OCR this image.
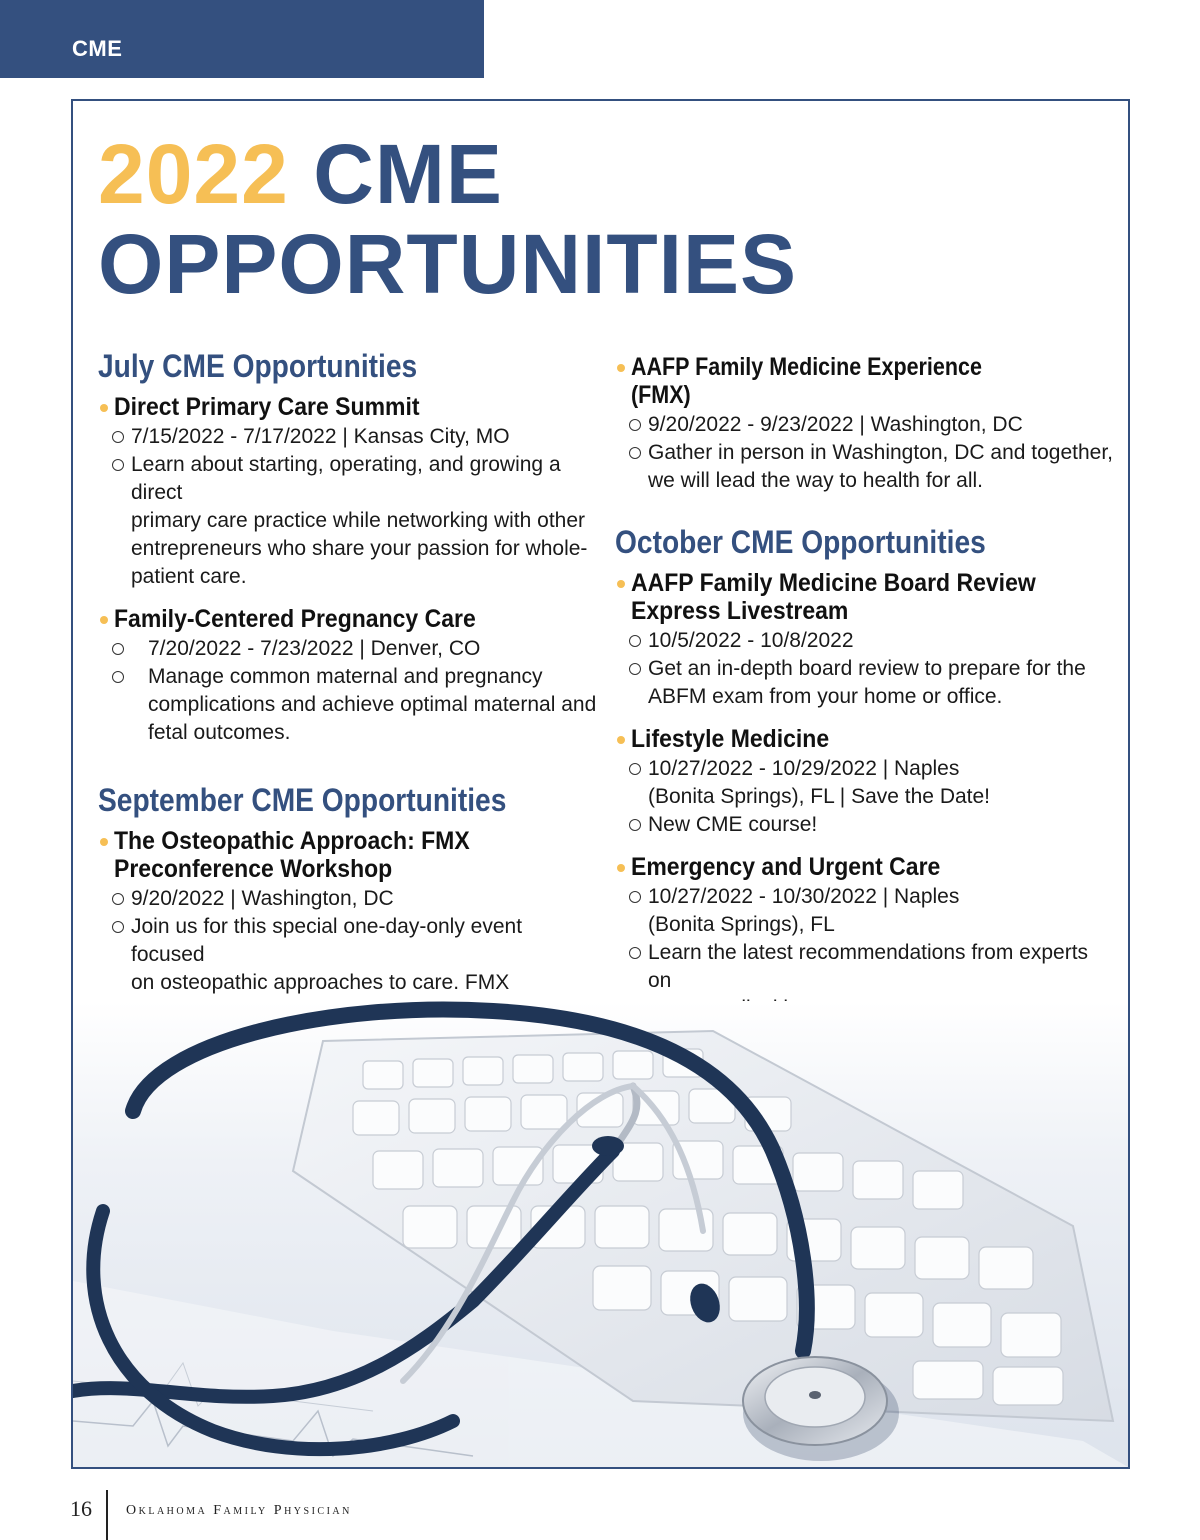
CME
2022 CME
OPPORTUNITIES
July CME Opportunities
Direct Primary Care Summit
7/15/2022 - 7/17/2022 | Kansas City, MO
Learn about starting, operating, and growing a direct
primary care practice while networking with other
entrepreneurs who share your passion for whole-
patient care.
Family-Centered Pregnancy Care
7/20/2022 - 7/23/2022 | Denver, CO
Manage common maternal and pregnancy
complications and achieve optimal maternal and
fetal outcomes.
September CME Opportunities
The Osteopathic Approach: FMX
Preconference Workshop
9/20/2022 | Washington, DC
Join us for this special one-day-only event focused
on osteopathic approaches to care. FMX

AAFP Family Medicine Experience (FMX)
9/20/2022 - 9/23/2022 | Washington, DC
Gather in person in Washington, DC and together,
we will lead the way to health for all.
October CME Opportunities
AAFP Family Medicine Board Review
Express Livestream
10/5/2022 - 10/8/2022
Get an in-depth board review to prepare for the
ABFM exam from your home or office.
Lifestyle Medicine
10/27/2022 - 10/29/2022 | Naples
(Bonita Springs), FL | Save the Date!
New CME course!
Emergency and Urgent Care
10/27/2022 - 10/30/2022 | Naples
(Bonita Springs), FL
Learn the latest recommendations from experts on

16 Oklahoma Family Physician
